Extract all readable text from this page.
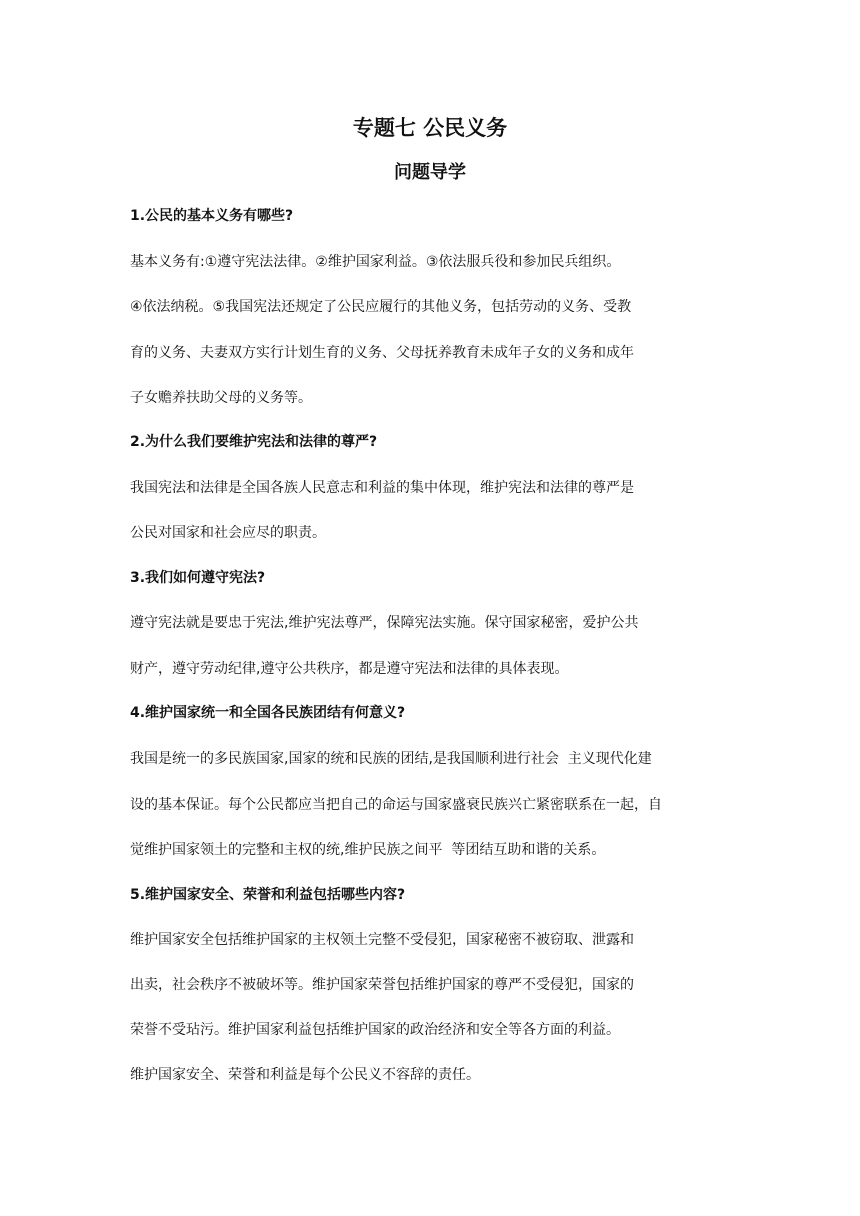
专题七 公民义务
问题导学
1.公民的基本义务有哪些?
基本义务有:①遵守宪法法律。②维护国家利益。③依法服兵役和参加民兵组织。
④依法纳税。⑤我国宪法还规定了公民应履行的其他义务，包括劳动的义务、受教
育的义务、夫妻双方实行计划生育的义务、父母抚养教育未成年子女的义务和成年
子女赡养扶助父母的义务等。
2.为什么我们要维护宪法和法律的尊严?
我国宪法和法律是全国各族人民意志和利益的集中体现，维护宪法和法律的尊严是
公民对国家和社会应尽的职责。
3.我们如何遵守宪法?
遵守宪法就是要忠于宪法,维护宪法尊严，保障宪法实施。保守国家秘密，爱护公共
财产，遵守劳动纪律,遵守公共秩序，都是遵守宪法和法律的具体表现。
4.维护国家统一和全国各民族团结有何意义?
我国是统一的多民族国家,国家的统和民族的团结,是我国顺利进行社会  主义现代化建
设的基本保证。每个公民都应当把自己的命运与国家盛衰民族兴亡紧密联系在一起，自
觉维护国家领土的完整和主权的统,维护民族之间平  等团结互助和谐的关系。
5.维护国家安全、荣誉和利益包括哪些内容?
维护国家安全包括维护国家的主权领土完整不受侵犯，国家秘密不被窃取、泄露和
出卖，社会秩序不被破坏等。维护国家荣誉包括维护国家的尊严不受侵犯，国家的
荣誉不受玷污。维护国家利益包括维护国家的政治经济和安全等各方面的利益。
维护国家安全、荣誉和利益是每个公民义不容辞的责任。
